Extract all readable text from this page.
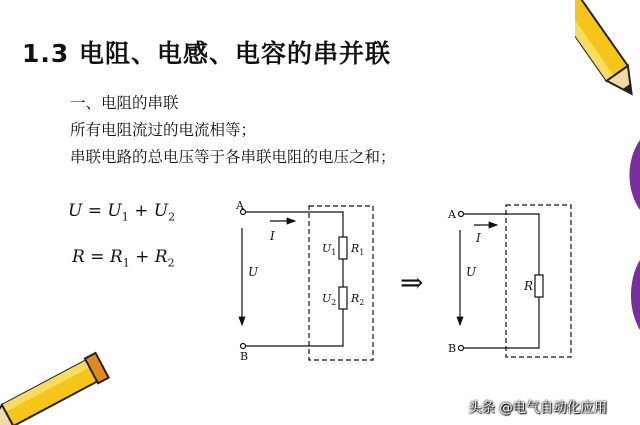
1.3 电阻、电感、电容的串并联
一、电阻的串联
所有电阻流过的电流相等；
串联电路的总电压等于各串联电阻的电压之和；
$U = U_1 + U_2$
$R = R_1 + R_2$
A
B
I
U
$U_1$ $R_1$
$U_2$ $R_2$
⇒
A
B
I
U
R
头条 @电气自动化应用
